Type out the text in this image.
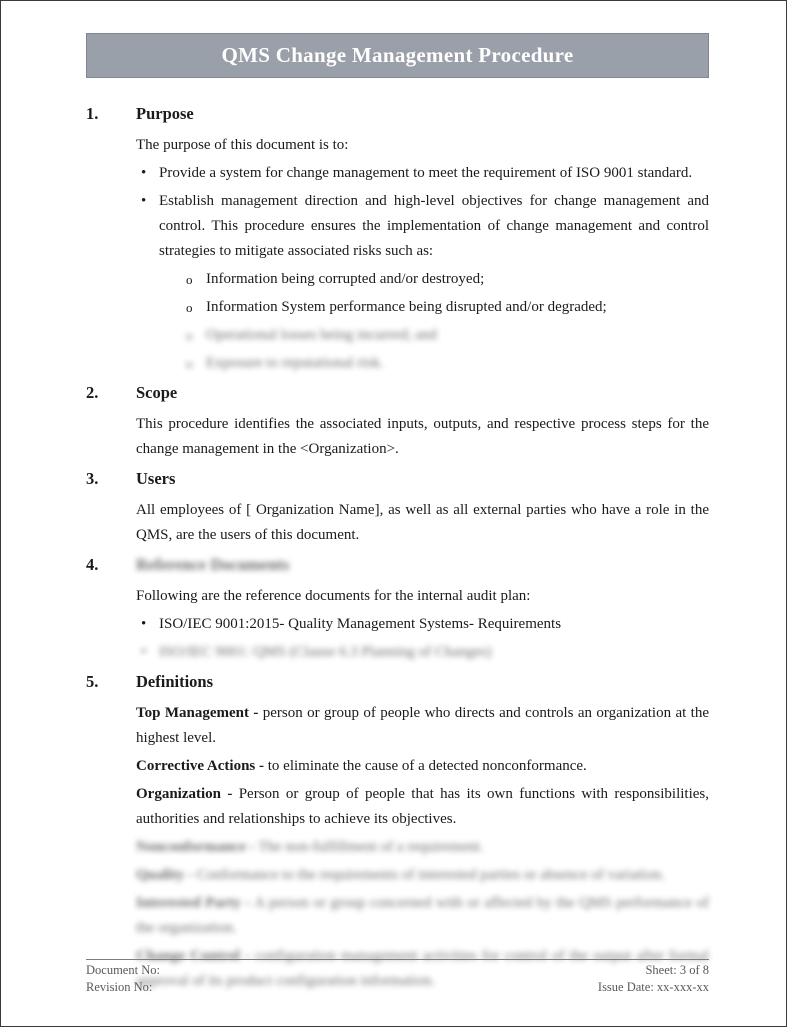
QMS Change Management Procedure
1.	Purpose

The purpose of this document is to:

• Provide a system for change management to meet the requirement of ISO 9001 standard.
• Establish management direction and high-level objectives for change management and control. This procedure ensures the implementation of change management and control strategies to mitigate associated risks such as:
o Information being corrupted and/or destroyed;
o Information System performance being disrupted and/or degraded;
o Operational losses being incurred; and
o Exposure to reputational risk.
2.	Scope

This procedure identifies the associated inputs, outputs, and respective process steps for the change management in the <Organization>.

3.	Users

All employees of [ Organization Name], as well as all external parties who have a role in the QMS, are the users of this document.

4.	Reference Documents

Following are the reference documents for the internal audit plan:

• ISO/IEC 9001:2015- Quality Management Systems- Requirements
• ISO/IEC 9001: QMS (Clause 6.3 Planning of Changes)
5.	Definitions

Top Management - person or group of people who directs and controls an organization at the highest level.

Corrective Actions - to eliminate the cause of a detected nonconformance.

Organization - Person or group of people that has its own functions with responsibilities, authorities and relationships to achieve its objectives.

Nonconformance - The non-fulfillment of a requirement.

Quality - Conformance to the requirements of interested parties or absence of variation.

Interested Party - A person or group concerned with or affected by the QMS performance of the organization.

Change Control - configuration management activities for control of the output after formal approval of its product configuration information.

Document No:
Revision No:
Sheet: 3 of 8
Issue Date: xx-xxx-xx
